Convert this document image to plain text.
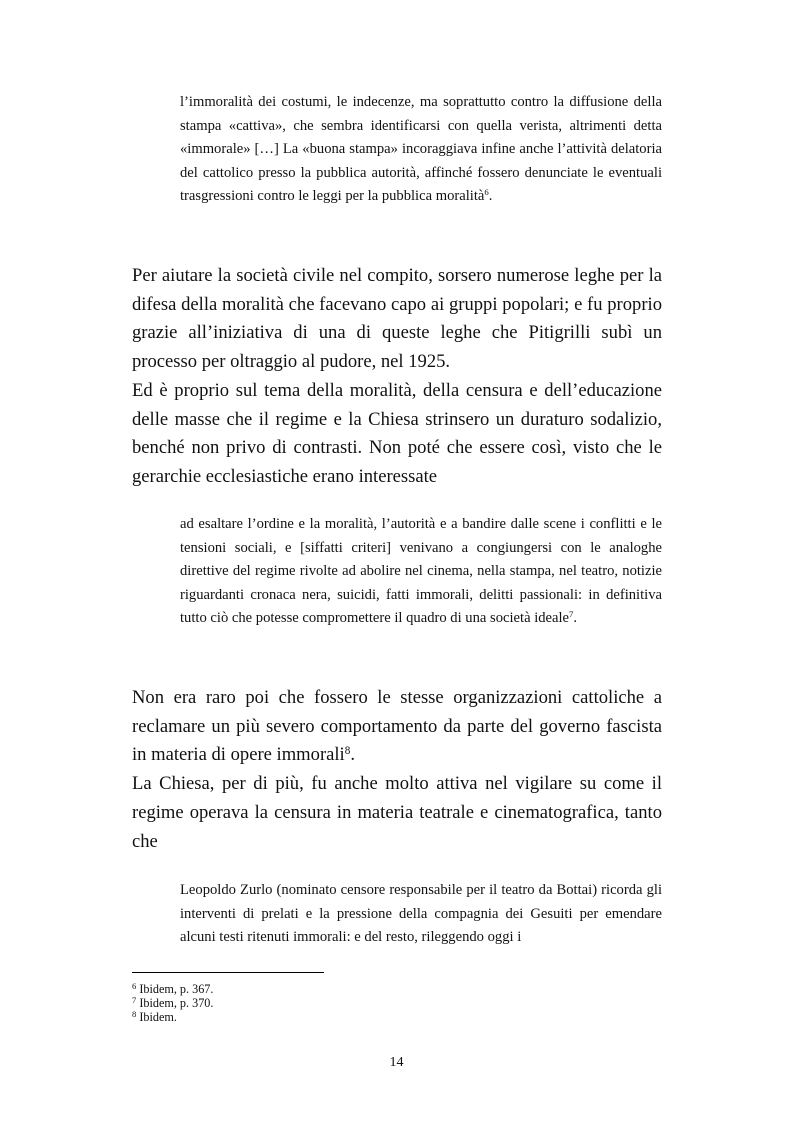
l’immoralità dei costumi, le indecenze, ma soprattutto contro la diffusione della stampa «cattiva», che sembra identificarsi con quella verista, altrimenti detta «immorale» […] La «buona stampa» incoraggiava infine anche l’attività delatoria del cattolico presso la pubblica autorità, affinché fossero denunciate le eventuali trasgressioni contro le leggi per la pubblica moralità$^6$.

Per aiutare la società civile nel compito, sorsero numerose leghe per la difesa della moralità che facevano capo ai gruppi popolari; e fu proprio grazie all’iniziativa di una di queste leghe che Pitigrilli subì un processo per oltraggio al pudore, nel 1925.

Ed è proprio sul tema della moralità, della censura e dell’educazione delle masse che il regime e la Chiesa strinsero un duraturo sodalizio, benché non privo di contrasti. Non poté che essere così, visto che le gerarchie ecclesiastiche erano interessate

ad esaltare l’ordine e la moralità, l’autorità e a bandire dalle scene i conflitti e le tensioni sociali, e [siffatti criteri] venivano a congiungersi con le analoghe direttive del regime rivolte ad abolire nel cinema, nella stampa, nel teatro, notizie riguardanti cronaca nera, suicidi, fatti immorali, delitti passionali: in definitiva tutto ciò che potesse compromettere il quadro di una società ideale$^7$.

Non era raro poi che fossero le stesse organizzazioni cattoliche a reclamare un più severo comportamento da parte del governo fascista in materia di opere immorali$^8$.

La Chiesa, per di più, fu anche molto attiva nel vigilare su come il regime operava la censura in materia teatrale e cinematografica, tanto che

Leopoldo Zurlo (nominato censore responsabile per il teatro da Bottai) ricorda gli interventi di prelati e la pressione della compagnia dei Gesuiti per emendare alcuni testi ritenuti immorali: e del resto, rileggendo oggi i

$^6$ Ibidem, p. 367.

$^7$ Ibidem, p. 370.

$^8$ Ibidem.

14
